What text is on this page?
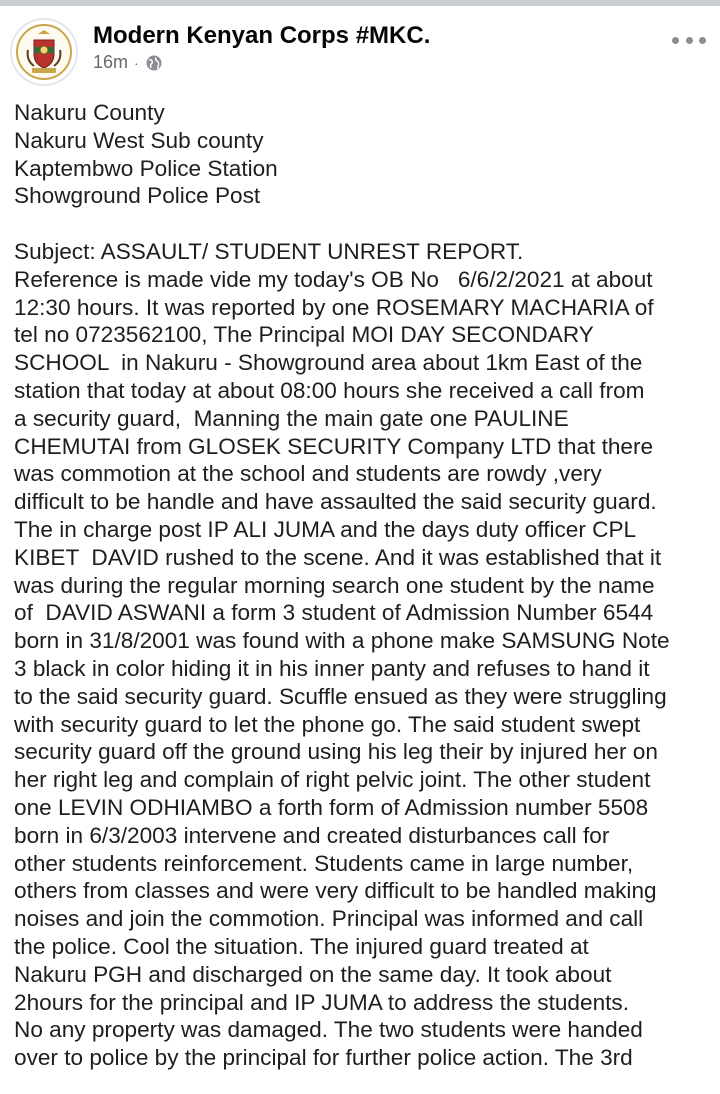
Modern Kenyan Corps #MKC.
16m ·
Nakuru County
Nakuru West Sub county
Kaptembwo Police Station
Showground Police Post
Subject: ASSAULT/ STUDENT UNREST REPORT.
Reference is made vide my today's OB No   6/6/2/2021 at about
12:30 hours. It was reported by one ROSEMARY MACHARIA of
tel no 0723562100, The Principal MOI DAY SECONDARY
SCHOOL  in Nakuru - Showground area about 1km East of the
station that today at about 08:00 hours she received a call from
a security guard,  Manning the main gate one PAULINE
CHEMUTAI from GLOSEK SECURITY Company LTD that there
was commotion at the school and students are rowdy ,very
difficult to be handle and have assaulted the said security guard.
The in charge post IP ALI JUMA and the days duty officer CPL
KIBET  DAVID rushed to the scene. And it was established that it
was during the regular morning search one student by the name
of  DAVID ASWANI a form 3 student of Admission Number 6544
born in 31/8/2001 was found with a phone make SAMSUNG Note
3 black in color hiding it in his inner panty and refuses to hand it
to the said security guard. Scuffle ensued as they were struggling
with security guard to let the phone go. The said student swept
security guard off the ground using his leg their by injured her on
her right leg and complain of right pelvic joint. The other student
one LEVIN ODHIAMBO a forth form of Admission number 5508
born in 6/3/2003 intervene and created disturbances call for
other students reinforcement. Students came in large number,
others from classes and were very difficult to be handled making
noises and join the commotion. Principal was informed and call
the police. Cool the situation. The injured guard treated at
Nakuru PGH and discharged on the same day. It took about
2hours for the principal and IP JUMA to address the students.
No any property was damaged. The two students were handed
over to police by the principal for further police action. The 3rd
